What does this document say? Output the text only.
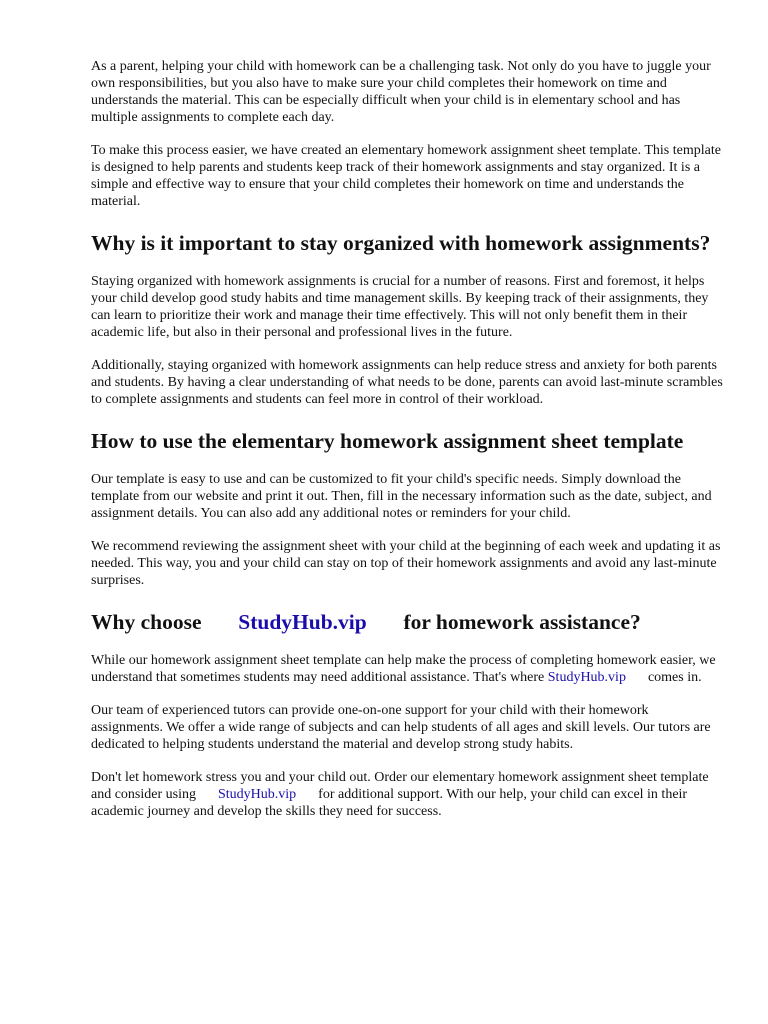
As a parent, helping your child with homework can be a challenging task. Not only do you have to juggle your own responsibilities, but you also have to make sure your child completes their homework on time and understands the material. This can be especially difficult when your child is in elementary school and has multiple assignments to complete each day.

To make this process easier, we have created an elementary homework assignment sheet template. This template is designed to help parents and students keep track of their homework assignments and stay organized. It is a simple and effective way to ensure that your child completes their homework on time and understands the material.

Why is it important to stay organized with homework assignments?

Staying organized with homework assignments is crucial for a number of reasons. First and foremost, it helps your child develop good study habits and time management skills. By keeping track of their assignments, they can learn to prioritize their work and manage their time effectively. This will not only benefit them in their academic life, but also in their personal and professional lives in the future.

Additionally, staying organized with homework assignments can help reduce stress and anxiety for both parents and students. By having a clear understanding of what needs to be done, parents can avoid last-minute scrambles to complete assignments and students can feel more in control of their workload.

How to use the elementary homework assignment sheet template

Our template is easy to use and can be customized to fit your child's specific needs. Simply download the template from our website and print it out. Then, fill in the necessary information such as the date, subject, and assignment details. You can also add any additional notes or reminders for your child.

We recommend reviewing the assignment sheet with your child at the beginning of each week and updating it as needed. This way, you and your child can stay on top of their homework assignments and avoid any last-minute surprises.

Why choose StudyHub.vip for homework assistance?

While our homework assignment sheet template can help make the process of completing homework easier, we understand that sometimes students may need additional assistance. That's where StudyHub.vip comes in.

Our team of experienced tutors can provide one-on-one support for your child with their homework assignments. We offer a wide range of subjects and can help students of all ages and skill levels. Our tutors are dedicated to helping students understand the material and develop strong study habits.

Don't let homework stress you and your child out. Order our elementary homework assignment sheet template and consider using StudyHub.vip for additional support. With our help, your child can excel in their academic journey and develop the skills they need for success.
